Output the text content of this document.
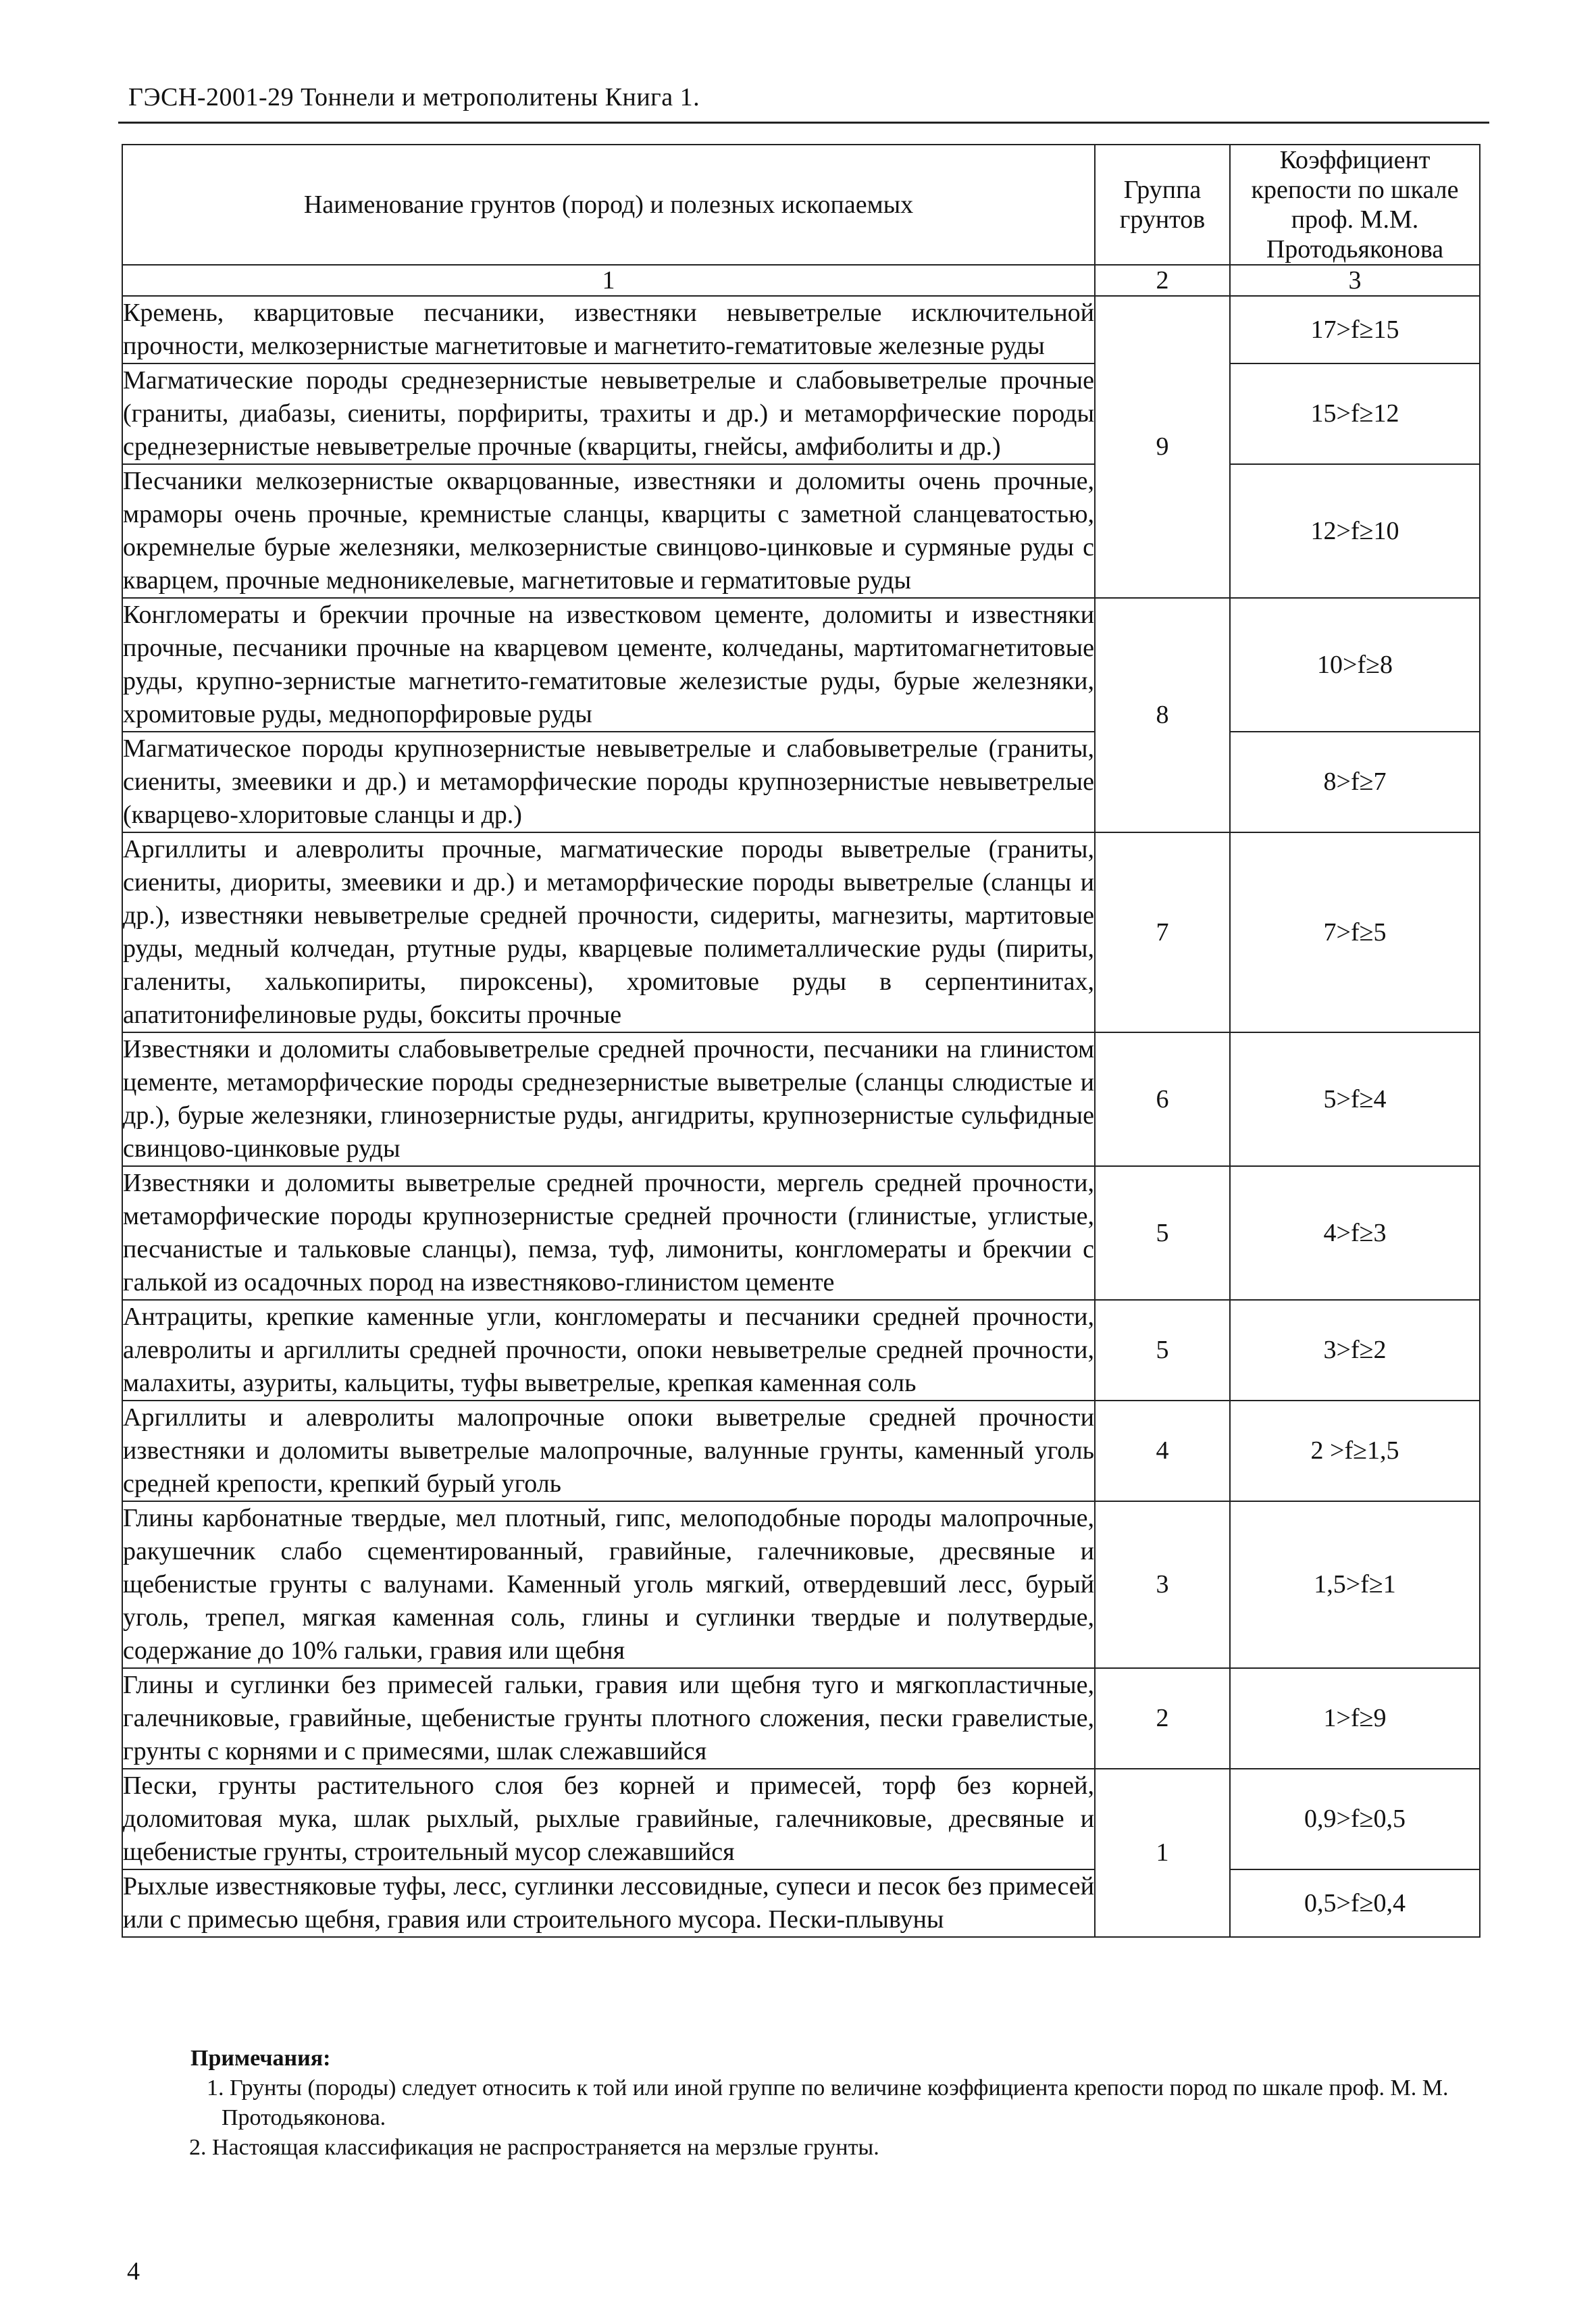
ГЭСН-2001-29 Тоннели и метрополитены Книга 1.
Наименование грунтов (пород) и полезных ископаемых	Группа грунтов	Коэффициент крепости по шкале проф. М.М. Протодьяконова
1	2	3
Кремень, кварцитовые песчаники, известняки невыветрелые исключительной прочности, мелкозернистые магнетитовые и магнетито-гематитовые железные руды	9	17>f≥15
Магматические породы среднезернистые невыветрелые и слабовыветрелые прочные (граниты, диабазы, сиениты, порфириты, трахиты и др.) и метаморфические породы среднезернистые невыветрелые прочные (кварциты, гнейсы, амфиболиты и др.)		15>f≥12
Песчаники мелкозернистые окварцованные, известняки и доломиты очень прочные, мраморы очень прочные, кремнистые сланцы, кварциты с заметной сланцеватостью, окремнелые бурые железняки, мелкозернистые свинцово-цинковые и сурмяные руды с кварцем, прочные медноникелевые, магнетитовые и герматитовые руды		12>f≥10
Конгломераты и брекчии прочные на известковом цементе, доломиты и известняки прочные, песчаники прочные на кварцевом цементе, колчеданы, мартитомагнетитовые руды, крупно-зернистые магнетито-гематитовые железистые руды, бурые железняки, хромитовые руды, меднопорфировые руды	8	10>f≥8
Магматическое породы крупнозернистые невыветрелые и слабовыветрелые (граниты, сиениты, змеевики и др.) и метаморфические породы крупнозернистые невыветрелые (кварцево-хлоритовые сланцы и др.)		8>f≥7
Аргиллиты и алевролиты прочные, магматические породы выветрелые (граниты, сиениты, диориты, змеевики и др.) и метаморфические породы выветрелые (сланцы и др.), известняки невыветрелые средней прочности, сидериты, магнезиты, мартитовые руды, медный колчедан, ртутные руды, кварцевые полиметаллические руды (пириты, галениты, халькопириты, пироксены), хромитовые руды в серпентинитах, апатитонифелиновые руды, бокситы прочные	7	7>f≥5
Известняки и доломиты слабовыветрелые средней прочности, песчаники на глинистом цементе, метаморфические породы среднезернистые выветрелые (сланцы слюдистые и др.), бурые железняки, глинозернистые руды, ангидриты, крупнозернистые сульфидные свинцово-цинковые руды	6	5>f≥4
Известняки и доломиты выветрелые средней прочности, мергель средней прочности, метаморфические породы крупнозернистые средней прочности (глинистые, углистые, песчанистые и тальковые сланцы), пемза, туф, лимониты, конгломераты и брекчии с галькой из осадочных пород на известняково-глинистом цементе	5	4>f≥3
Антрациты, крепкие каменные угли, конгломераты и песчаники средней прочности, алевролиты и аргиллиты средней прочности, опоки невыветрелые средней прочности, малахиты, азуриты, кальциты, туфы выветрелые, крепкая каменная соль	5	3>f≥2
Аргиллиты и алевролиты малопрочные опоки выветрелые средней прочности известняки и доломиты выветрелые малопрочные, валунные грунты, каменный уголь средней крепости, крепкий бурый уголь	4	2 >f≥1,5
Глины карбонатные твердые, мел плотный, гипс, мелоподобные породы малопрочные, ракушечник слабо сцементированный, гравийные, галечниковые, дресвяные и щебенистые грунты с валунами. Каменный уголь мягкий, отвердевший лесс, бурый уголь, трепел, мягкая каменная соль, глины и суглинки твердые и полутвердые, содержание до 10% гальки, гравия или щебня	3	1,5>f≥1
Глины и суглинки без примесей гальки, гравия или щебня туго и мягкопластичные, галечниковые, гравийные, щебенистые грунты плотного сложения, пески гравелистые, грунты с корнями и с примесями, шлак слежавшийся	2	1>f≥9
Пески, грунты растительного слоя без корней и примесей, торф без корней, доломитовая мука, шлак рыхлый, рыхлые гравийные, галечниковые, дресвяные и щебенистые грунты, строительный мусор слежавшийся	1	0,9>f≥0,5
Рыхлые известняковые туфы, лесс, суглинки лессовидные, супеси и песок без примесей или с примесью щебня, гравия или строительного мусора. Пески-плывуны		0,5>f≥0,4
Примечания:

1. Грунты (породы) следует относить к той или иной группе по величине коэффициента крепости пород по шкале проф. М. М. Протодьяконова.

2. Настоящая классификация не распространяется на мерзлые грунты.

4
